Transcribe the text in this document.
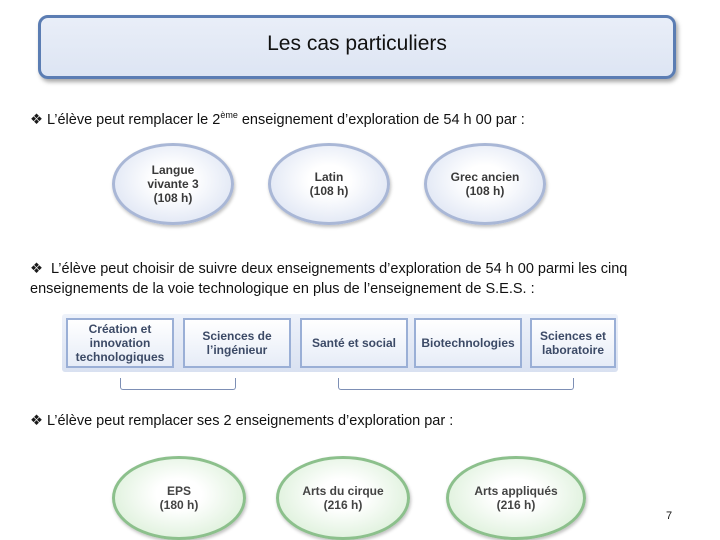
Les cas particuliers
❖ L’élève peut remplacer le 2ème enseignement d’exploration de 54 h 00 par :
Langue
vivante 3
(108 h)
Latin
(108 h)
Grec ancien
(108 h)
❖ L’élève peut choisir de suivre deux enseignements d’exploration de 54 h 00 parmi les cinq enseignements de la voie technologique en plus de l’enseignement de S.E.S. :
Création et
innovation
technologiques
Sciences de
l’ingénieur	Santé et social Biotechnologies Sciences et
laboratoire
❖ L’élève peut remplacer ses 2 enseignements d’exploration par :
EPS
(180 h)
Arts du cirque
(216 h)
Arts appliqués
(216 h)
7
